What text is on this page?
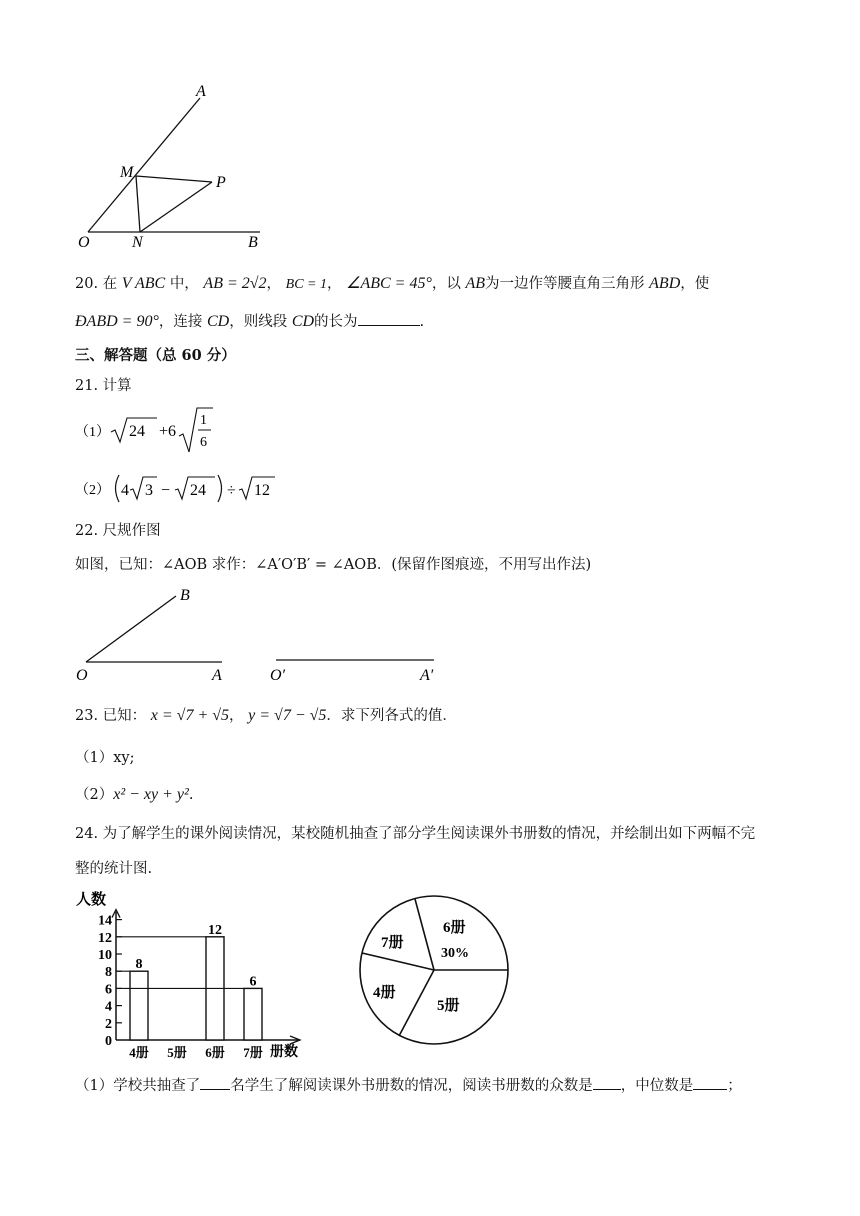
A
M
P
O	N	B
20. 在 V ABC 中， AB = 2√2， BC = 1， ∠ABC = 45°，以 AB为一边作等腰直角三角形 ABD，使
ÐABD = 90°，连接 CD，则线段 CD的长为	.
三、解答题（总 60 分）
21. 计算
（1） 24 +6
1
6
（2） 4 3 − 24 ÷ 12
22. 尺规作图
如图，已知：∠AOB 求作：∠A′O′B′ = ∠AOB．(保留作图痕迹，不用写出作法)
B
O	A	O′	A′
23. 已知： x = √7 + √5， y = √7 − √5．求下列各式的值．
（1）xy;
（2）x² − xy + y².
24. 为了解学生的课外阅读情况，某校随机抽查了部分学生阅读课外书册数的情况，并绘制出如下两幅不完
整的统计图.
人数
册数
0
2
4
6
8
10
12
14
4册
8
5册 6册
12
7册
6
6册
30%
5册
4册
7册
（1）学校共抽查了 名学生了解阅读课外书册数的情况，阅读书册数的众数是 ，中位数是 ；
